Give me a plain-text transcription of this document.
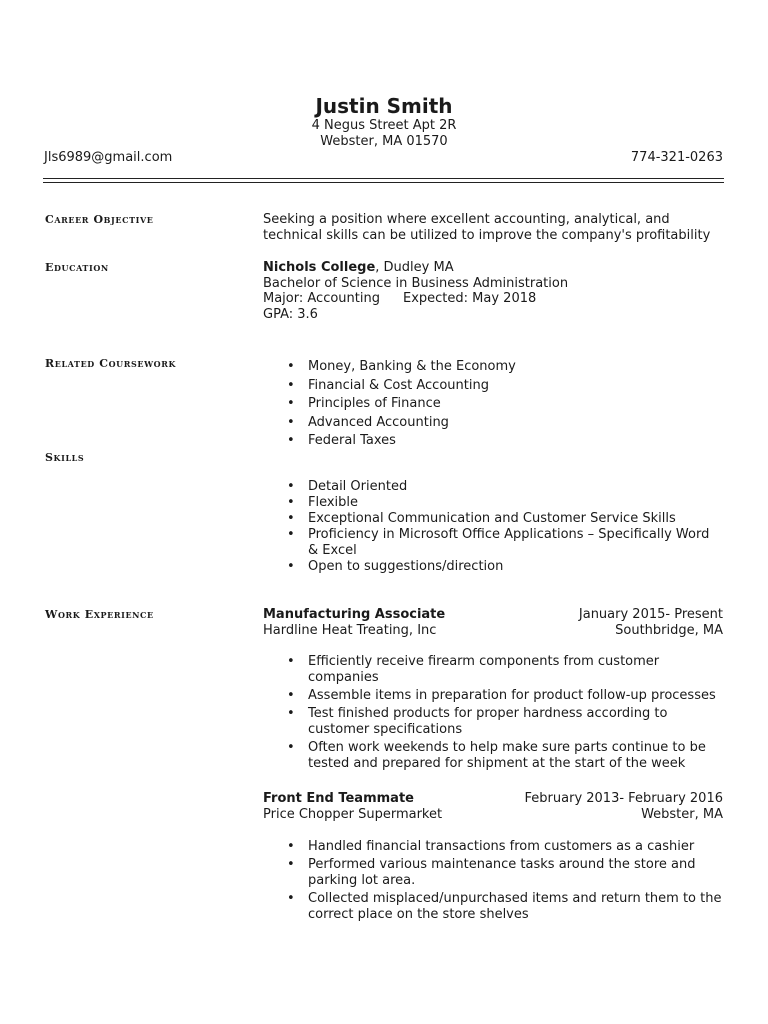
Justin Smith
4 Negus Street Apt 2R
Webster, MA 01570
Jls6989@gmail.com	774-321-0263
Career Objective	Seeking a position where excellent accounting, analytical, and technical skills can be utilized to improve the company's profitability
Education	Nichols College, Dudley MA
Bachelor of Science in Business Administration
Major: Accounting Expected: May 2018
GPA: 3.6
Related Coursework
•	Money, Banking & the Economy
• Financial & Cost Accounting
• Principles of Finance
• Advanced Accounting
• Federal Taxes
Skills
• Detail Oriented
• Flexible
• Exceptional Communication and Customer Service Skills
• Proficiency in Microsoft Office Applications – Specifically Word & Excel
• Open to suggestions/direction
Work Experience	Manufacturing Associate	January 2015- Present
Hardline Heat Treating, Inc	Southbridge, MA
• Efficiently receive firearm components from customer companies
• Assemble items in preparation for product follow-up processes
• Test finished products for proper hardness according to customer specifications
• Often work weekends to help make sure parts continue to be tested and prepared for shipment at the start of the week
Front End Teammate	February 2013- February 2016
Price Chopper Supermarket	Webster, MA
• Handled financial transactions from customers as a cashier
• Performed various maintenance tasks around the store and parking lot area.
• Collected misplaced/unpurchased items and return them to the correct place on the store shelves
